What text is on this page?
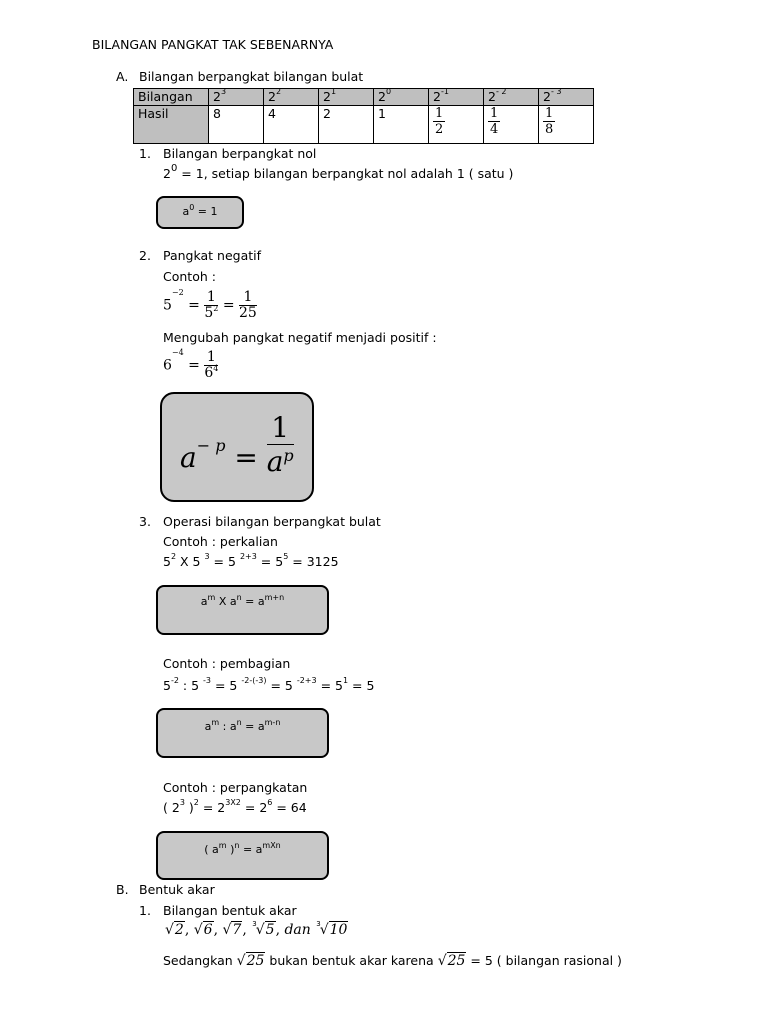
BILANGAN PANGKAT TAK SEBENARNYA
A. Bilangan berpangkat bilangan bulat
Bilangan	$2^3$	$2^2$	$2^1$	$2^0$	$2^{-1}$	$2^{- 2}$	$2^{- 3}$
Hasil	8	4	2	1	$\frac{1}{2}$	$\frac{1}{4}$	$\frac{1}{8}$
1. Bilangan berpangkat nol
$2^0 = 1$, setiap bilangan berpangkat nol adalah 1 ( satu )
$a^0 = 1$
2. Pangkat negatif
Contoh :
$5^{-2} = \frac{1}{5^2} = \frac{1}{25}$
Mengubah pangkat negatif menjadi positif :
$6^{-4} = \frac{1}{6^4}$
$a- p = \frac{1}{a^p}$
3. Operasi bilangan berpangkat bulat
Contoh : perkalian
$5^2$ X 5 $^3$ = 5 $^{2+3} = 5^5 = 3125$
$a^m$ X $a^n = a^{m+n}$
Contoh : pembagian
$5^{-2}$ : 5 $^{-3}$ = 5 $^{-2-(-3)}$ = 5 $^{-2+3} = 5^1 = 5$
$a^m$ : $a^n = a^{m-n}$
Contoh : perpangkatan
( $2^3$ )$^2 = 2^{3X2} = 2^6 = 64$
( $a^m$ )$^n = a^{mXn}$
B. Bentuk akar
1. Bilangan bentuk akar
√2, √6, √7, $^3$√5, dan $^3$√10
Sedangkan √25 bukan bentuk akar karena √25 = 5 ( bilangan rasional )
